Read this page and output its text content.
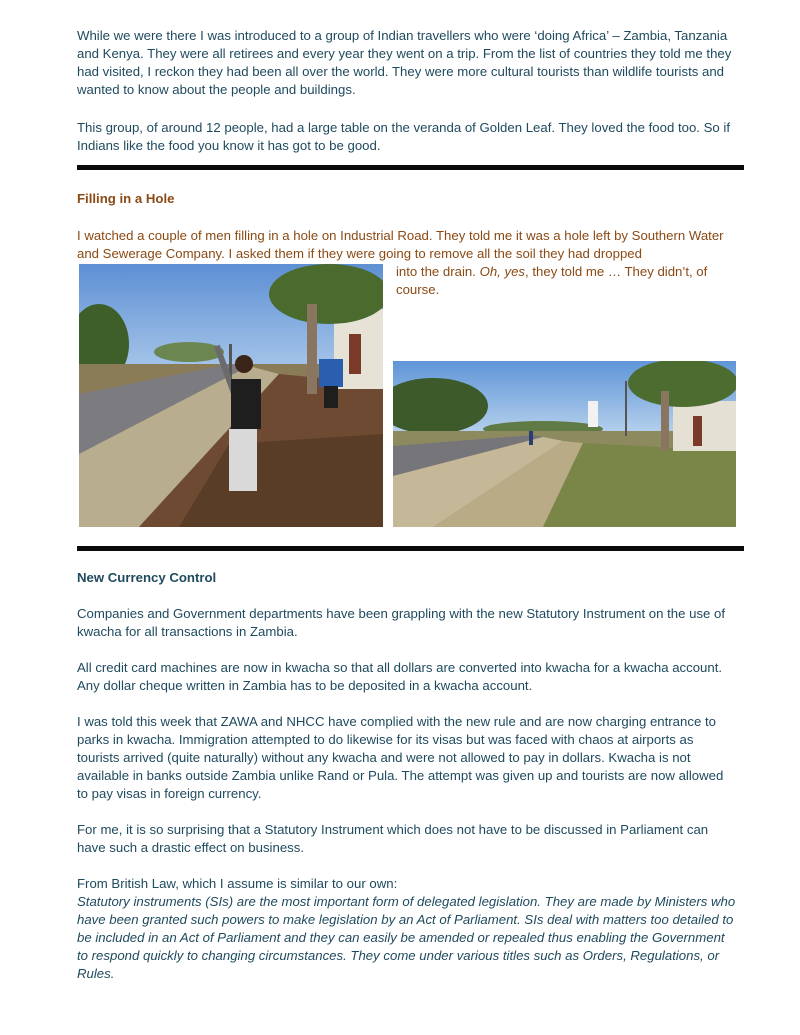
While we were there I was introduced to a group of Indian travellers who were ‘doing Africa’ – Zambia, Tanzania and Kenya. They were all retirees and every year they went on a trip. From the list of countries they told me they had visited, I reckon they had been all over the world. They were more cultural tourists than wildlife tourists and wanted to know about the people and buildings.

This group, of around 12 people, had a large table on the veranda of Golden Leaf. They loved the food too. So if Indians like the food you know it has got to be good.

Filling in a Hole

I watched a couple of men filling in a hole on Industrial Road. They told me it was a hole left by Southern Water and Sewerage Company. I asked them if they were going to remove all the soil they had dropped

into the drain. Oh, yes, they told me … They didn’t, of course.

New Currency Control

Companies and Government departments have been grappling with the new Statutory Instrument on the use of kwacha for all transactions in Zambia.

All credit card machines are now in kwacha so that all dollars are converted into kwacha for a kwacha account. Any dollar cheque written in Zambia has to be deposited in a kwacha account.

I was told this week that ZAWA and NHCC have complied with the new rule and are now charging entrance to parks in kwacha. Immigration attempted to do likewise for its visas but was faced with chaos at airports as tourists arrived (quite naturally) without any kwacha and were not allowed to pay in dollars. Kwacha is not available in banks outside Zambia unlike Rand or Pula. The attempt was given up and tourists are now allowed to pay visas in foreign currency.

For me, it is so surprising that a Statutory Instrument which does not have to be discussed in Parliament can have such a drastic effect on business.

From British Law, which I assume is similar to our own:

Statutory instruments (SIs) are the most important form of delegated legislation. They are made by Ministers who have been granted such powers to make legislation by an Act of Parliament. SIs deal with matters too detailed to be included in an Act of Parliament and they can easily be amended or repealed thus enabling the Government to respond quickly to changing circumstances. They come under various titles such as Orders, Regulations, or Rules.
